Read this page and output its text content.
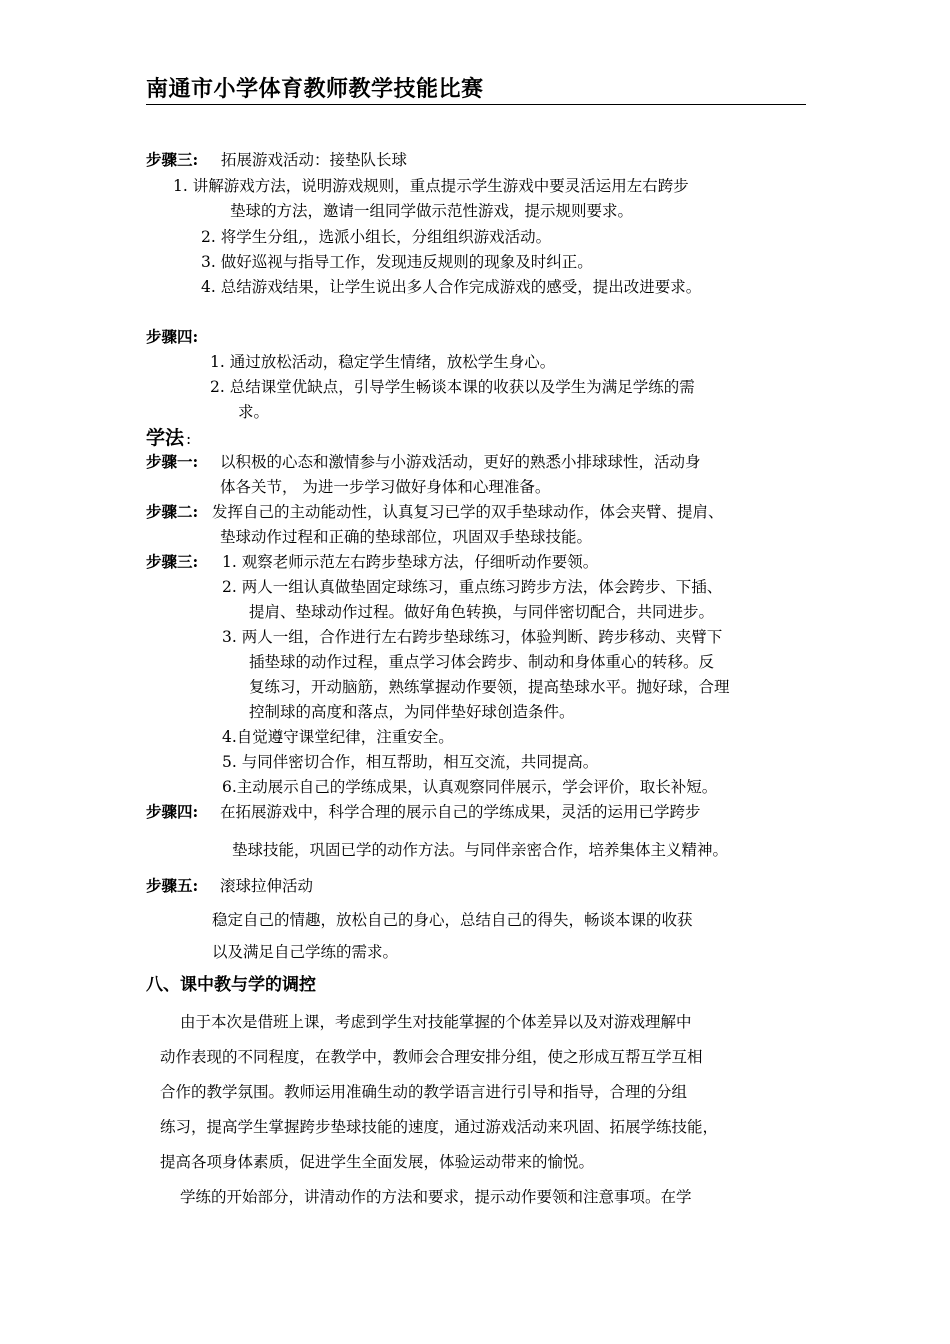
南通市小学体育教师教学技能比赛
步骤三: 拓展游戏活动：接垫队长球
1. 讲解游戏方法，说明游戏规则，重点提示学生游戏中要灵活运用左右跨步
垫球的方法，邀请一组同学做示范性游戏，提示规则要求。
2. 将学生分组,，选派小组长，分组组织游戏活动。
3. 做好巡视与指导工作，发现违反规则的现象及时纠正。
4. 总结游戏结果，让学生说出多人合作完成游戏的感受，提出改进要求。
步骤四:
1. 通过放松活动，稳定学生情绪，放松学生身心。
2. 总结课堂优缺点，引导学生畅谈本课的收获以及学生为满足学练的需
求。
学法 :
步骤一: 以积极的心态和激情参与小游戏活动，更好的熟悉小排球球性，活动身
体各关节， 为进一步学习做好身体和心理准备。
步骤二: 发挥自己的主动能动性，认真复习已学的双手垫球动作，体会夹臂、提肩、
垫球动作过程和正确的垫球部位，巩固双手垫球技能。
步骤三: 1. 观察老师示范左右跨步垫球方法，仔细听动作要领。
2. 两人一组认真做垫固定球练习，重点练习跨步方法，体会跨步、下插、
提肩、垫球动作过程。做好角色转换，与同伴密切配合，共同进步。
3. 两人一组，合作进行左右跨步垫球练习，体验判断、跨步移动、夹臂下
插垫球的动作过程，重点学习体会跨步、制动和身体重心的转移。反
复练习，开动脑筋，熟练掌握动作要领，提高垫球水平。抛好球，合理
控制球的高度和落点，为同伴垫好球创造条件。
4.自觉遵守课堂纪律，注重安全。
5. 与同伴密切合作，相互帮助，相互交流，共同提高。
6.主动展示自己的学练成果，认真观察同伴展示，学会评价，取长补短。
步骤四: 在拓展游戏中，科学合理的展示自己的学练成果，灵活的运用已学跨步
垫球技能，巩固已学的动作方法。与同伴亲密合作，培养集体主义精神。
步骤五: 滚球拉伸活动
稳定自己的情趣，放松自己的身心，总结自己的得失，畅谈本课的收获
以及满足自己学练的需求。
八、课中教与学的调控
由于本次是借班上课，考虑到学生对技能掌握的个体差异以及对游戏理解中
动作表现的不同程度，在教学中，教师会合理安排分组，使之形成互帮互学互相
合作的教学氛围。教师运用准确生动的教学语言进行引导和指导，合理的分组
练习，提高学生掌握跨步垫球技能的速度，通过游戏活动来巩固、拓展学练技能，
提高各项身体素质，促进学生全面发展，体验运动带来的愉悦。
学练的开始部分，讲清动作的方法和要求，提示动作要领和注意事项。在学
